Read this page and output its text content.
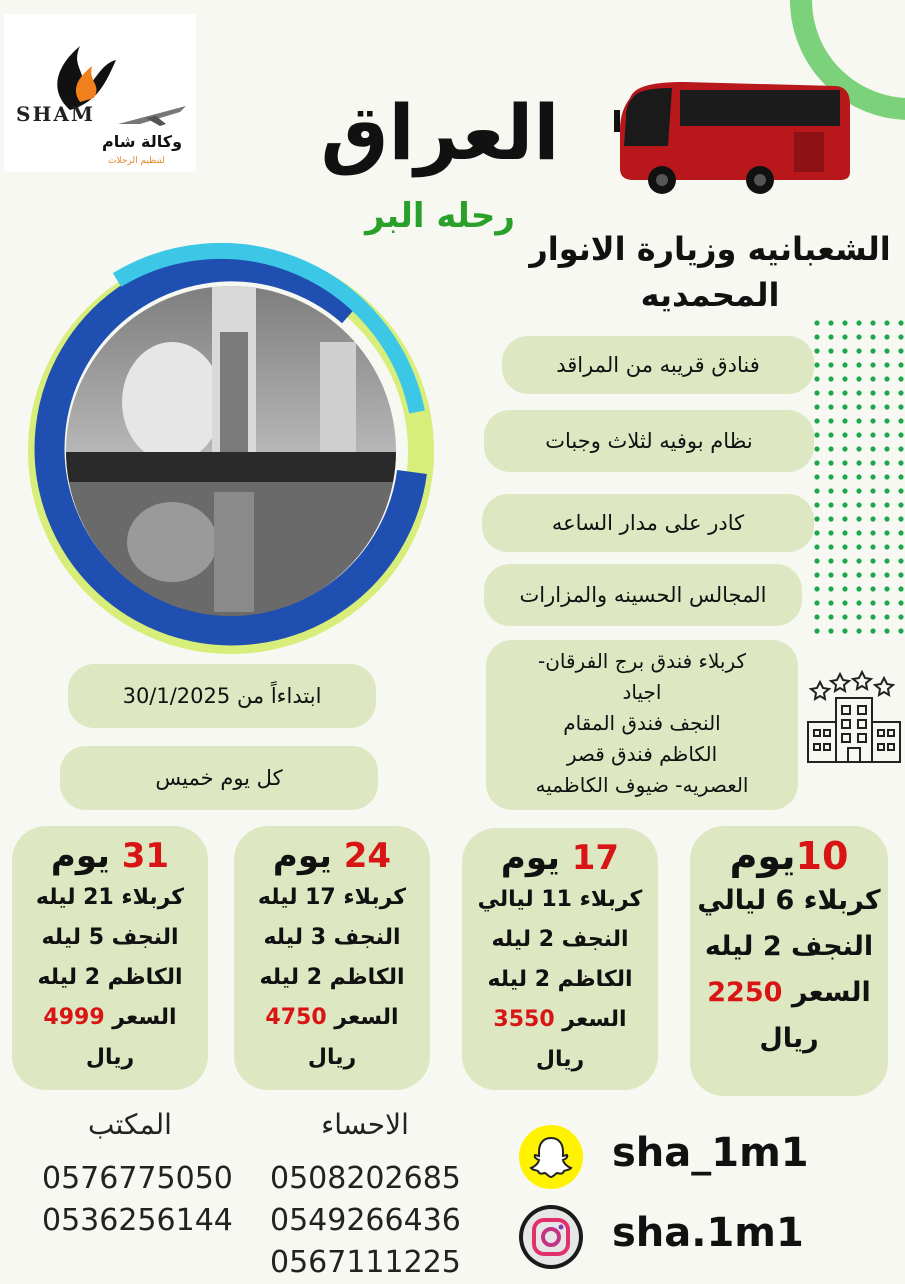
SHAM
وكالة شام
لتنظيم الرحلات العراق
رحله البر
الشعبانيه وزيارة الانوار
المحمديه
فنادق قريبه من المراقد
نظام بوفيه لثلاث وجبات
كادر على مدار الساعه
المجالس الحسينه والمزارات
كربلاء فندق برج الفرقان-
اجياد
النجف فندق المقام
الكاظم فندق قصر
العصريه- ضيوف الكاظميه
ابتداءاً من 30/1/2025
كل يوم خميس
10يوم
كربلاء 6 ليالي
النجف 2 ليله
السعر 2250
ريال
17 يوم
كربلاء 11 ليالي
النجف 2 ليله
الكاظم 2 ليله
السعر 3550
ريال
24 يوم
كربلاء 17 ليله
النجف 3 ليله
الكاظم 2 ليله
السعر 4750
ريال
31 يوم
كربلاء 21 ليله
النجف 5 ليله
الكاظم 2 ليله
السعر 4999
ريال
المكتب
0576775050
0536256144
الاحساء
0508202685
0549266436
0567111225
sha_1m1
sha.1m1
